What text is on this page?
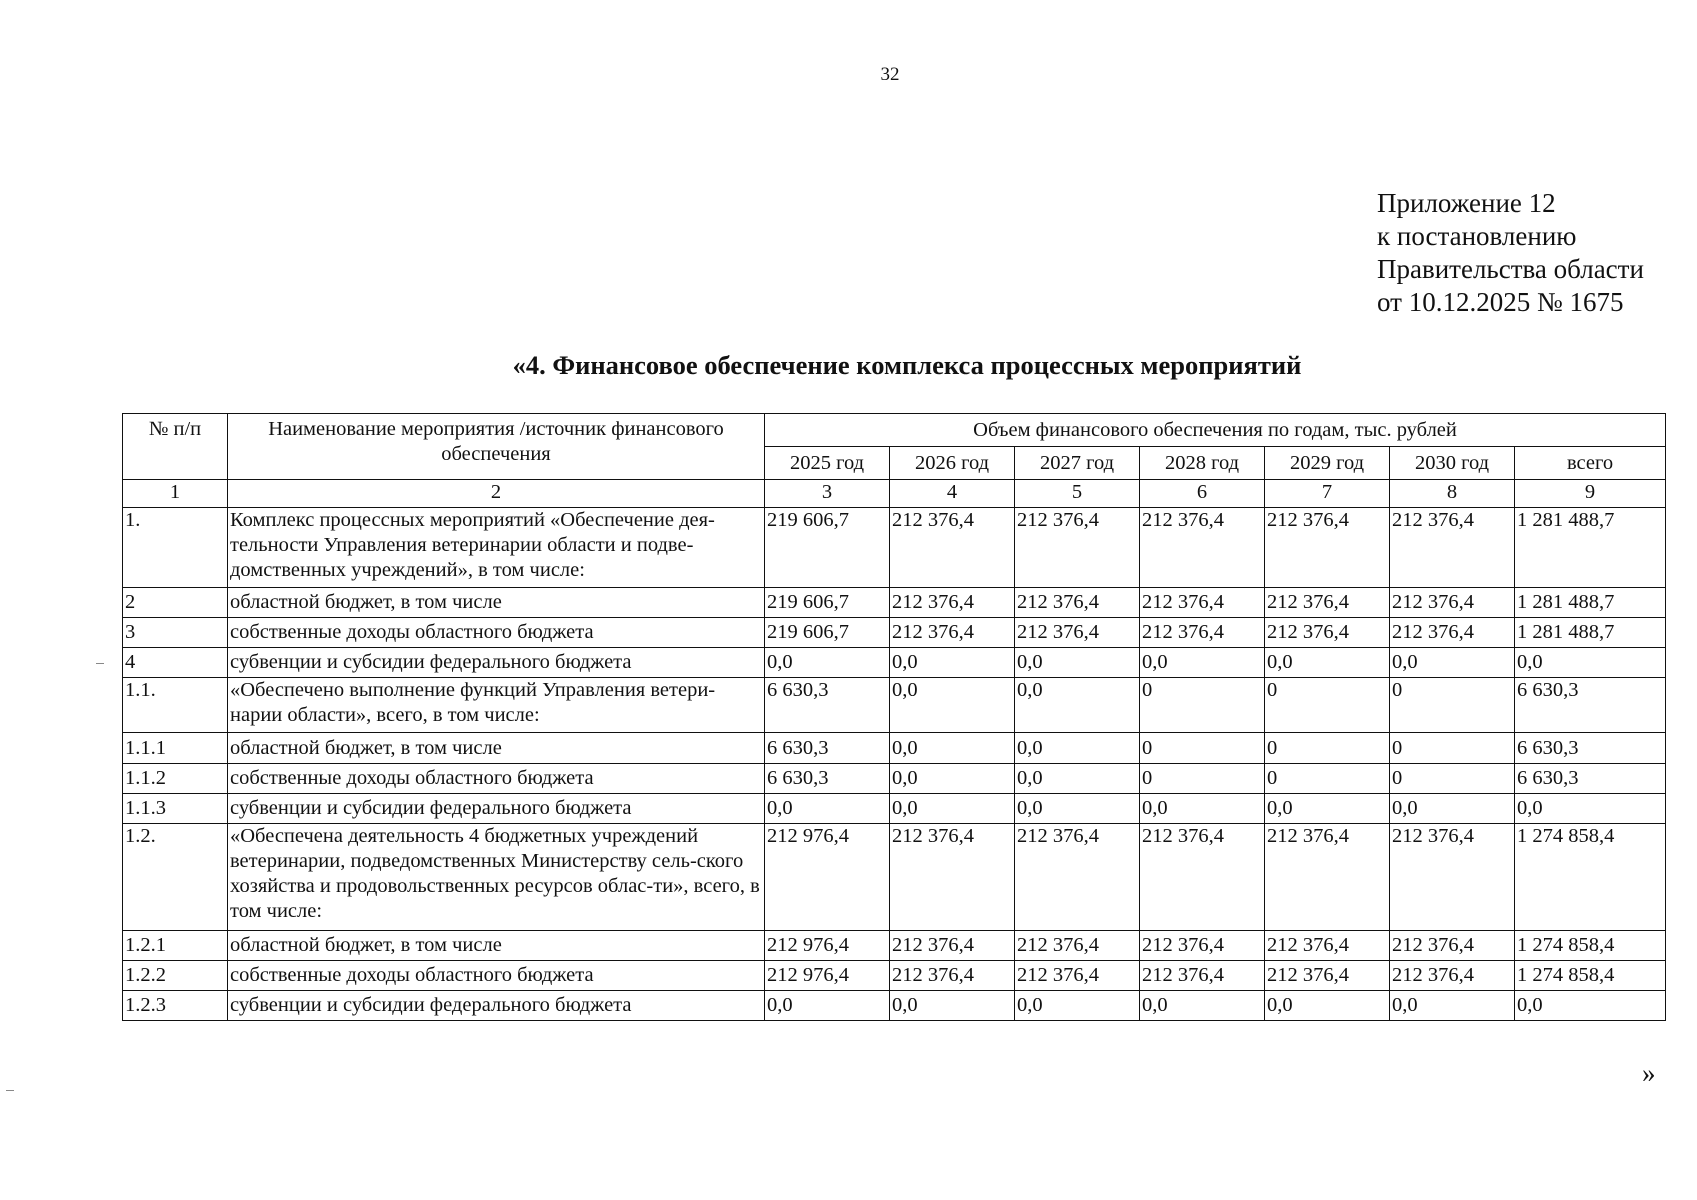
32
Приложение 12
к постановлению
Правительства области
от 10.12.2025 № 1675
«4. Финансовое обеспечение комплекса процессных мероприятий
№ п/п	Наименование мероприятия /источник финансового обеспечения	Объем финансового обеспечения по годам, тыс. рублей						
		2025 год	2026 год	2027 год	2028 год	2029 год	2030 год	всего
1	2	3	4	5	6	7	8	9
1.	Комплекс процессных мероприятий «Обеспечение дея-тельности Управления ветеринарии области и подве-домственных учреждений», в том числе:	219 606,7	212 376,4	212 376,4	212 376,4	212 376,4	212 376,4	1 281 488,7
2	областной бюджет, в том числе	219 606,7	212 376,4	212 376,4	212 376,4	212 376,4	212 376,4	1 281 488,7
3	собственные доходы областного бюджета	219 606,7	212 376,4	212 376,4	212 376,4	212 376,4	212 376,4	1 281 488,7
4	субвенции и субсидии федерального бюджета	0,0	0,0	0,0	0,0	0,0	0,0	0,0
1.1.	«Обеспечено выполнение функций Управления ветери-нарии области», всего, в том числе:	6 630,3	0,0	0,0	0	0	0	6 630,3
1.1.1	областной бюджет, в том числе	6 630,3	0,0	0,0	0	0	0	6 630,3
1.1.2	собственные доходы областного бюджета	6 630,3	0,0	0,0	0	0	0	6 630,3
1.1.3	субвенции и субсидии федерального бюджета	0,0	0,0	0,0	0,0	0,0	0,0	0,0
1.2.	«Обеспечена деятельность 4 бюджетных учреждений ветеринарии, подведомственных Министерству сель-ского хозяйства и продовольственных ресурсов облас-ти», всего, в том числе:	212 976,4	212 376,4	212 376,4	212 376,4	212 376,4	212 376,4	1 274 858,4
1.2.1	областной бюджет, в том числе	212 976,4	212 376,4	212 376,4	212 376,4	212 376,4	212 376,4	1 274 858,4
1.2.2	собственные доходы областного бюджета	212 976,4	212 376,4	212 376,4	212 376,4	212 376,4	212 376,4	1 274 858,4
1.2.3	субвенции и субсидии федерального бюджета	0,0	0,0	0,0	0,0	0,0	0,0	0,0
»
